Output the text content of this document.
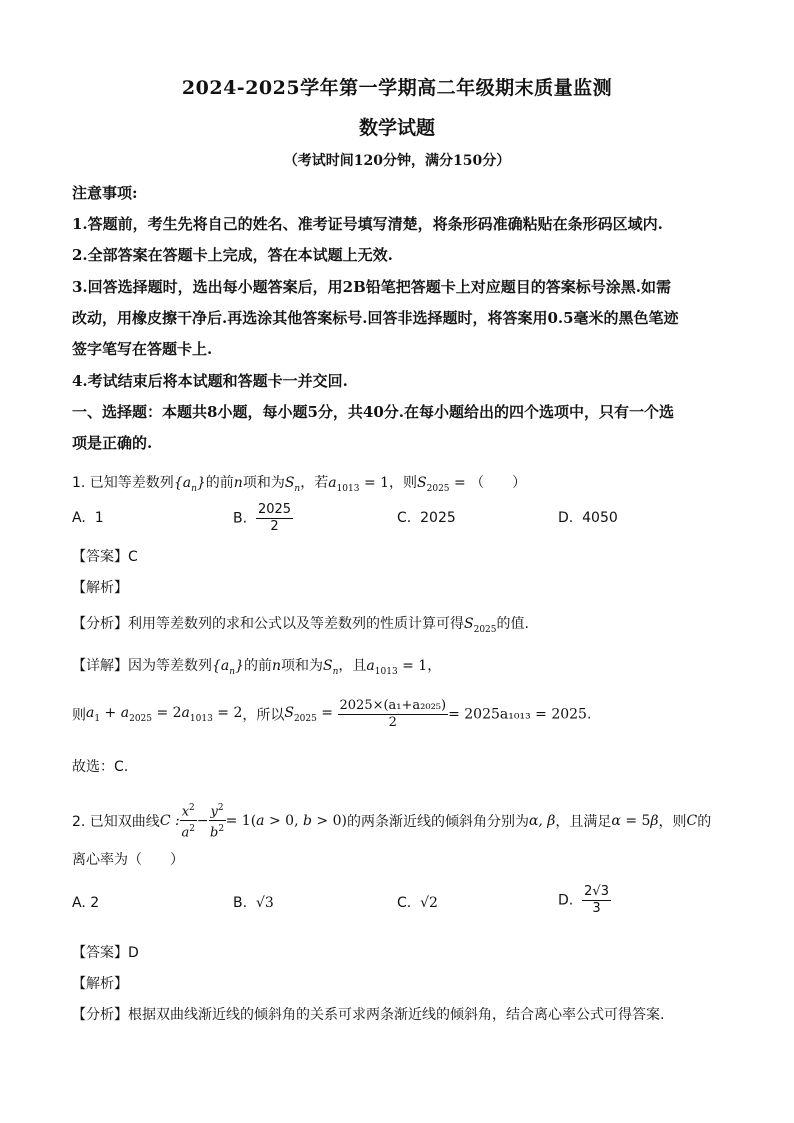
2024-2025学年第一学期高二年级期末质量监测
数学试题
（考试时间120分钟，满分150分）
注意事项:
1.答题前，考生先将自己的姓名、准考证号填写清楚，将条形码准确粘贴在条形码区域内.
2.全部答案在答题卡上完成，答在本试题上无效.
3.回答选择题时，选出每小题答案后，用2B铅笔把答题卡上对应题目的答案标号涂黑.如需
改动，用橡皮擦干净后.再选涂其他答案标号.回答非选择题时，将答案用0.5毫米的黑色笔迹
签字笔写在答题卡上.
4.考试结束后将本试题和答题卡一并交回.
一、选择题：本题共8小题，每小题5分，共40分.在每小题给出的四个选项中，只有一个选
项是正确的.
1. 已知等差数列$\{a_n\}$的前n项和为$S_n$，若$a_{1013} = 1$，则$S_{2025}$ = （　　）
A. 1	B. $\frac{2025}{2}$	C. 2025	D. 4050
【答案】C
【解析】
【分析】利用等差数列的求和公式以及等差数列的性质计算可得$S_{2025}$的值.
【详解】因为等差数列$\{a_n\}$的前n项和为$S_n$，且$a_{1013} = 1$，
则$a_1 + a_{2025} = 2a_{1013} = 2$，所以$S_{2025} = \frac{\text{2025×(a₁+a₂₀₂₅)}}{2} = 2025a_{1013} = 2025$.
故选：C.
2. 已知双曲线C : $\frac{x^2}{a^2} - \frac{y^2}{b^2} = 1(a > 0$, b > 0)的两条渐近线的倾斜角分别为α, β，且满足α = 5β，则C的
离心率为（　　）
A. 2	B. √3	C. √2	D. $\frac{2√3}{3}$
【答案】D
【解析】
【分析】根据双曲线渐近线的倾斜角的关系可求两条渐近线的倾斜角，结合离心率公式可得答案.
